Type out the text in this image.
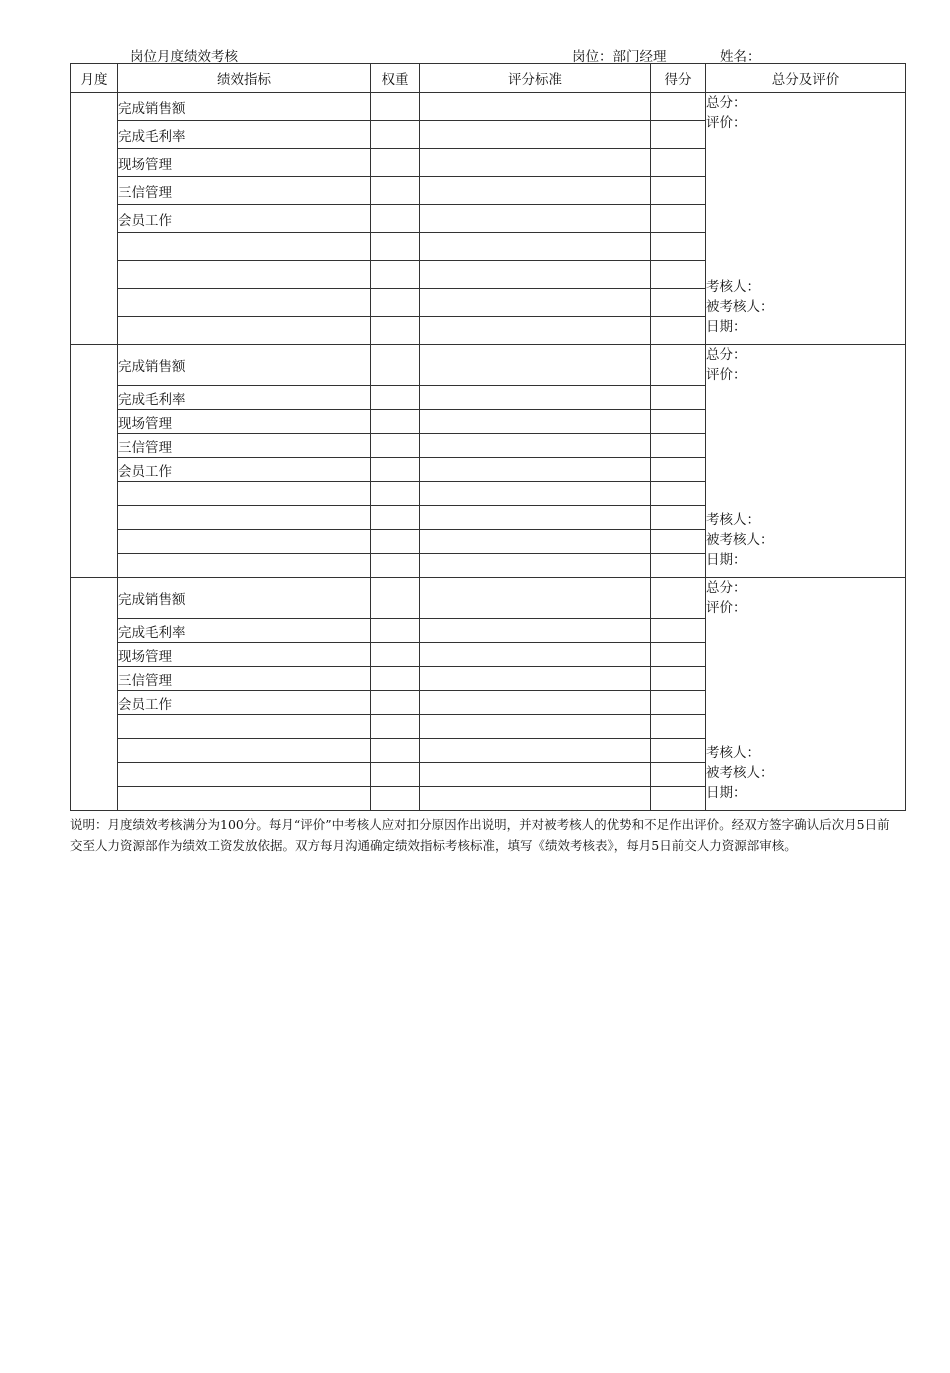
岗位月度绩效考核	岗位：部门经理	姓名：
月度	绩效指标	权重	评分标准	得分	总分及评价
	完成销售额				总分：
评价：
考核人：
被考核人：
日期：

	完成毛利率				
	现场管理				
	三信管理				
	会员工作				

	完成销售额				总分：
评价：
考核人：
被考核人：
日期：

	完成毛利率				
	现场管理				
	三信管理				
	会员工作				

	完成销售额				总分：
评价：
考核人：
被考核人：
日期：

	完成毛利率				
	现场管理				
	三信管理				
	会员工作				

说明：月度绩效考核满分为100分。每月“评价”中考核人应对扣分原因作出说明，并对被考核人的优势和不足作出评价。经双方签字确认后次月5日前交至人力资源部作为绩效工资发放依据。双方每月沟通确定绩效指标考核标准，填写《绩效考核表》，每月5日前交人力资源部审核。
